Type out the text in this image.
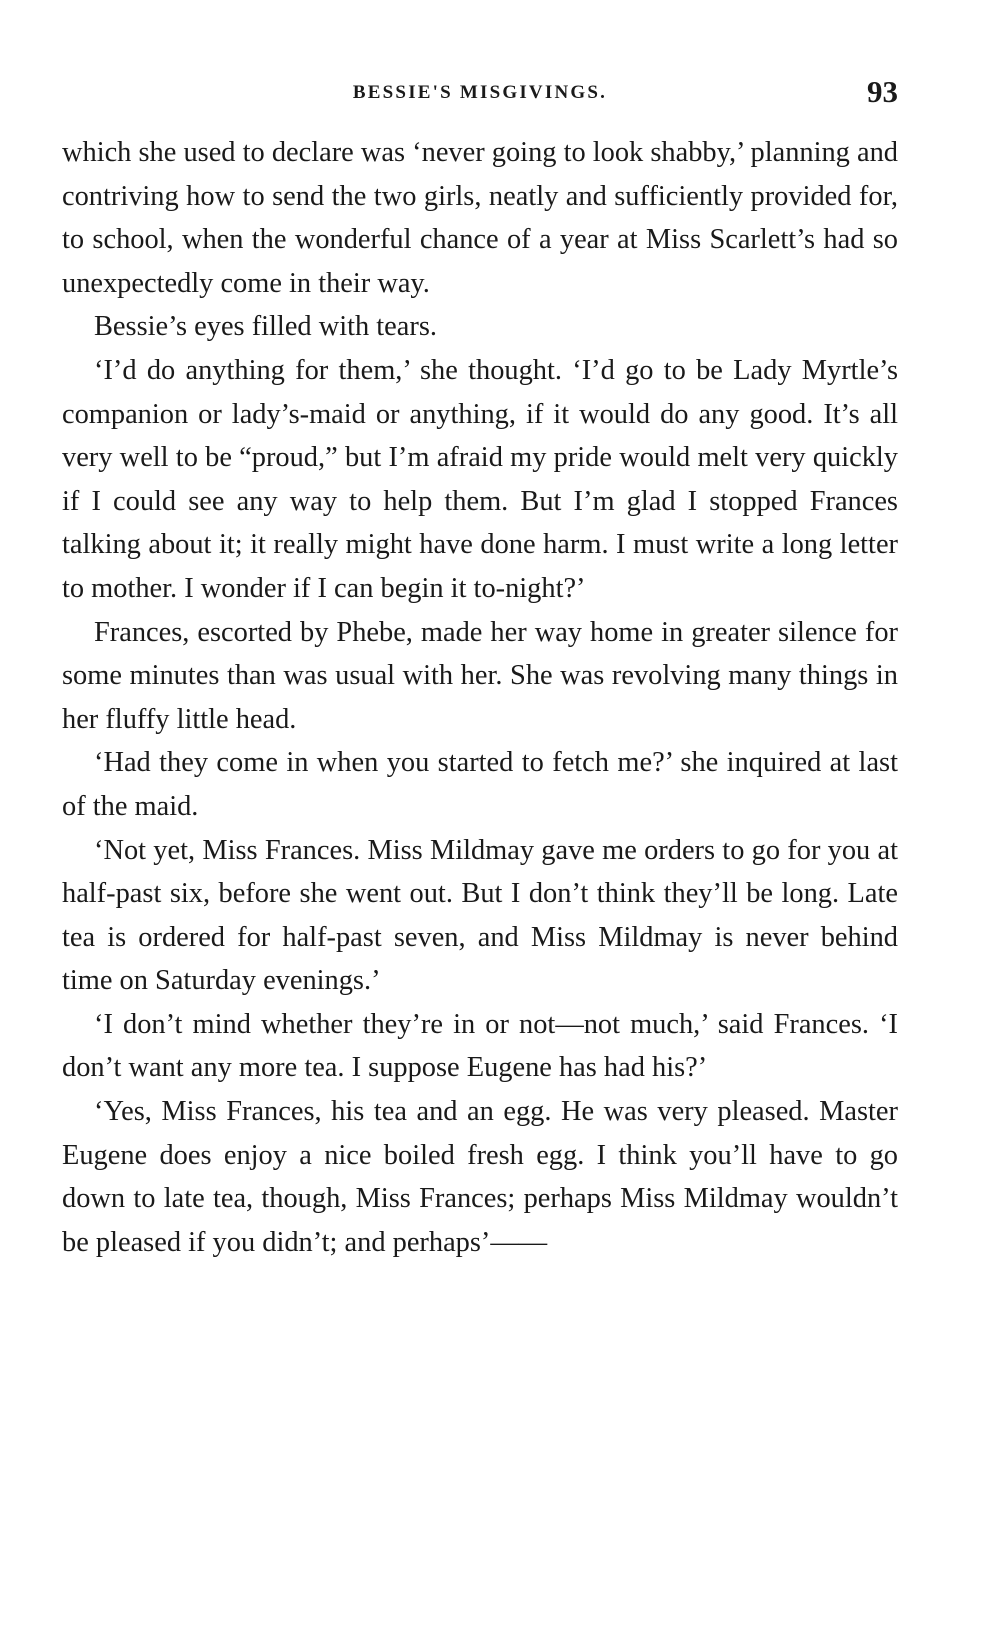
BESSIE'S MISGIVINGS.	93

which she used to declare was ‘never going to look shabby,’ planning and contriving how to send the two girls, neatly and sufficiently provided for, to school, when the wonderful chance of a year at Miss Scarlett’s had so unexpectedly come in their way.

Bessie’s eyes filled with tears.

‘I’d do anything for them,’ she thought. ‘I’d go to be Lady Myrtle’s companion or lady’s-maid or anything, if it would do any good. It’s all very well to be “proud,” but I’m afraid my pride would melt very quickly if I could see any way to help them. But I’m glad I stopped Frances talking about it; it really might have done harm. I must write a long letter to mother. I wonder if I can begin it to-night?’

Frances, escorted by Phebe, made her way home in greater silence for some minutes than was usual with her. She was revolving many things in her fluffy little head.

‘Had they come in when you started to fetch me?’ she inquired at last of the maid.

‘Not yet, Miss Frances. Miss Mildmay gave me orders to go for you at half-past six, before she went out. But I don’t think they’ll be long. Late tea is ordered for half-past seven, and Miss Mildmay is never behind time on Saturday evenings.’

‘I don’t mind whether they’re in or not—not much,’ said Frances. ‘I don’t want any more tea. I suppose Eugene has had his?’

‘Yes, Miss Frances, his tea and an egg. He was very pleased. Master Eugene does enjoy a nice boiled fresh egg. I think you’ll have to go down to late tea, though, Miss Frances; perhaps Miss Mildmay wouldn’t be pleased if you didn’t; and perhaps’——
